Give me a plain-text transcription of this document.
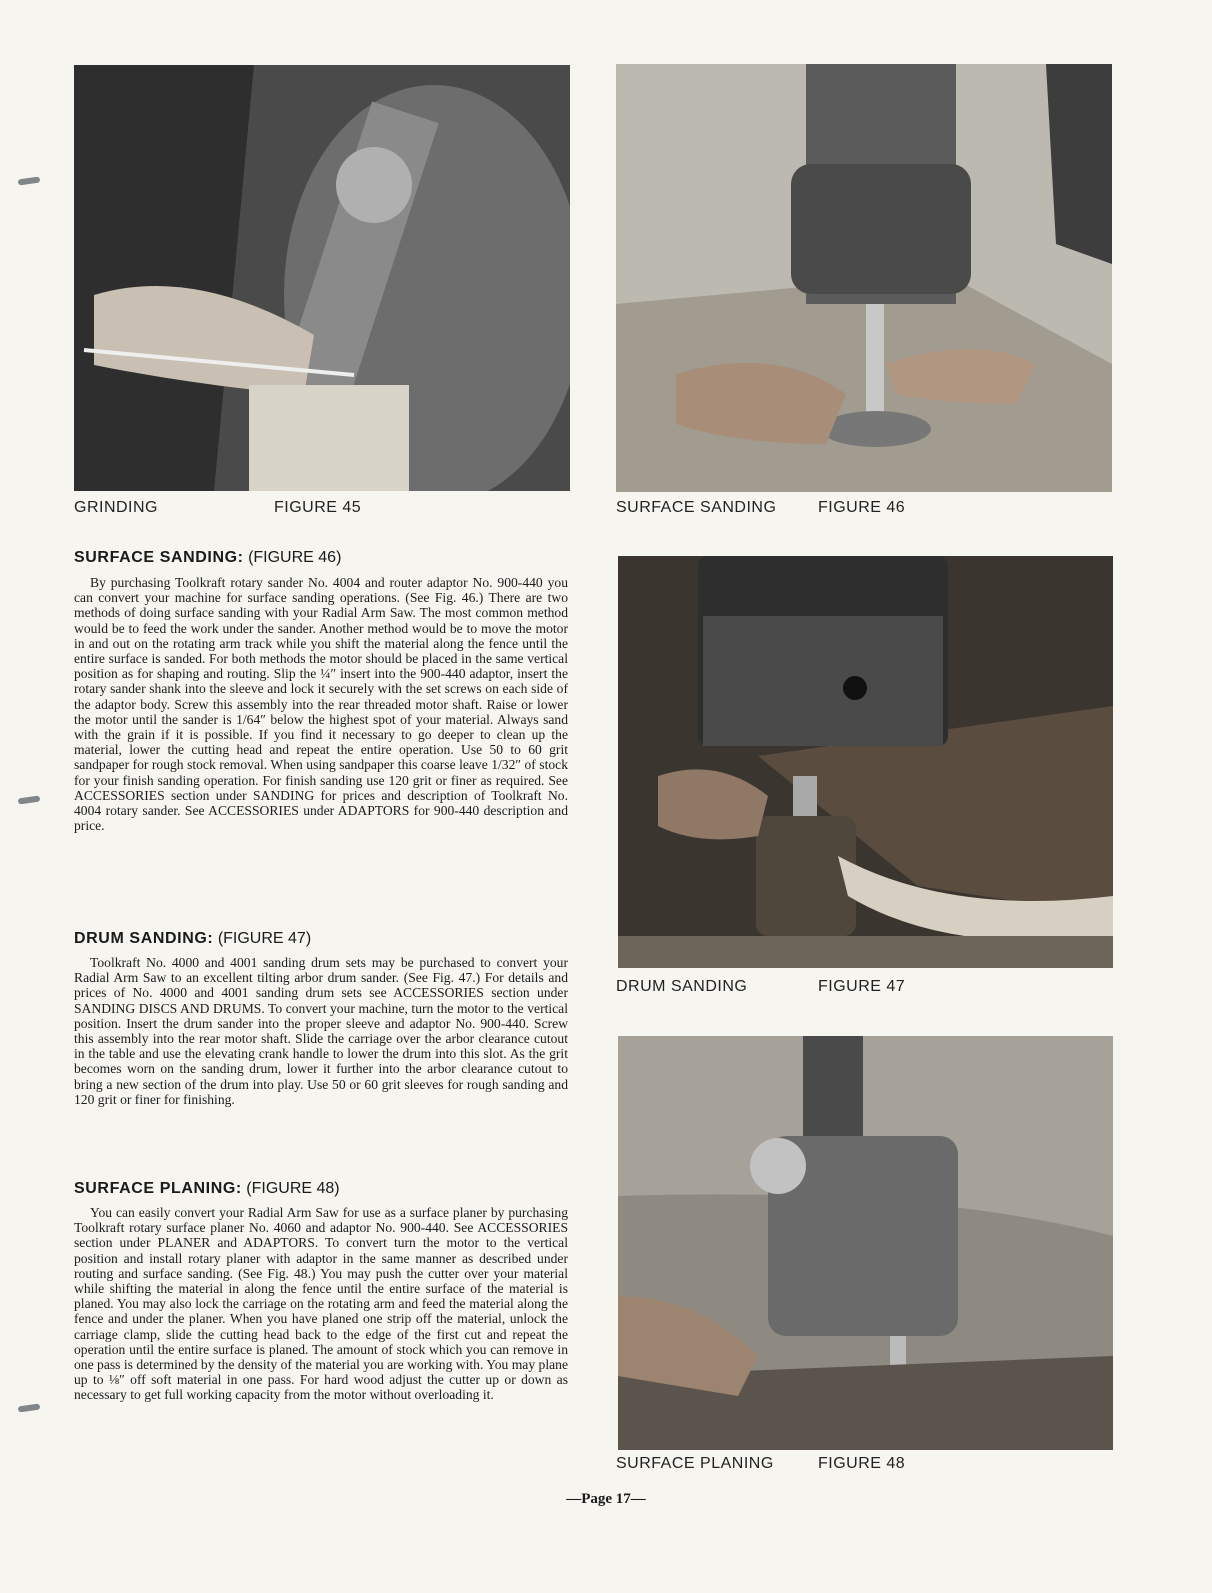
GRINDING	FIGURE 45	SURFACE SANDING	FIGURE 46
DRUM SANDING	FIGURE 47
SURFACE PLANING	FIGURE 48
SURFACE SANDING: (FIGURE 46)

By purchasing Toolkraft rotary sander No. 4004 and router adaptor No. 900-440 you can convert your machine for surface sanding operations. (See Fig. 46.) There are two methods of doing surface sanding with your Radial Arm Saw. The most common method would be to feed the work under the sander. Another method would be to move the motor in and out on the rotating arm track while you shift the material along the fence until the entire surface is sanded. For both methods the motor should be placed in the same vertical position as for shaping and routing. Slip the ¼″ insert into the 900-440 adaptor, insert the rotary sander shank into the sleeve and lock it securely with the set screws on each side of the adaptor body. Screw this assembly into the rear threaded motor shaft. Raise or lower the motor until the sander is 1/64″ below the highest spot of your material. Always sand with the grain if it is possible. If you find it necessary to go deeper to clean up the material, lower the cutting head and repeat the entire operation. Use 50 to 60 grit sandpaper for rough stock removal. When using sandpaper this coarse leave 1/32″ of stock for your finish sanding operation. For finish sanding use 120 grit or finer as required. See ACCESSORIES section under SANDING for prices and description of Toolkraft No. 4004 rotary sander. See ACCESSORIES under ADAPTORS for 900-440 description and price.

DRUM SANDING: (FIGURE 47)

Toolkraft No. 4000 and 4001 sanding drum sets may be purchased to convert your Radial Arm Saw to an excellent tilting arbor drum sander. (See Fig. 47.) For details and prices of No. 4000 and 4001 sanding drum sets see ACCESSORIES section under SANDING DISCS AND DRUMS. To convert your machine, turn the motor to the vertical position. Insert the drum sander into the proper sleeve and adaptor No. 900-440. Screw this assembly into the rear motor shaft. Slide the carriage over the arbor clearance cutout in the table and use the elevating crank handle to lower the drum into this slot. As the grit becomes worn on the sanding drum, lower it further into the arbor clearance cutout to bring a new section of the drum into play. Use 50 or 60 grit sleeves for rough sanding and 120 grit or finer for finishing.

SURFACE PLANING: (FIGURE 48)

You can easily convert your Radial Arm Saw for use as a surface planer by purchasing Toolkraft rotary surface planer No. 4060 and adaptor No. 900-440. See ACCESSORIES section under PLANER and ADAPTORS. To convert turn the motor to the vertical position and install rotary planer with adaptor in the same manner as described under routing and surface sanding. (See Fig. 48.) You may push the cutter over your material while shifting the material in along the fence until the entire surface of the material is planed. You may also lock the carriage on the rotating arm and feed the material along the fence and under the planer. When you have planed one strip off the material, unlock the carriage clamp, slide the cutting head back to the edge of the first cut and repeat the operation until the entire surface is planed. The amount of stock which you can remove in one pass is determined by the density of the material you are working with. You may plane up to ⅛″ off soft material in one pass. For hard wood adjust the cutter up or down as necessary to get full working capacity from the motor without overloading it.

—Page 17—
